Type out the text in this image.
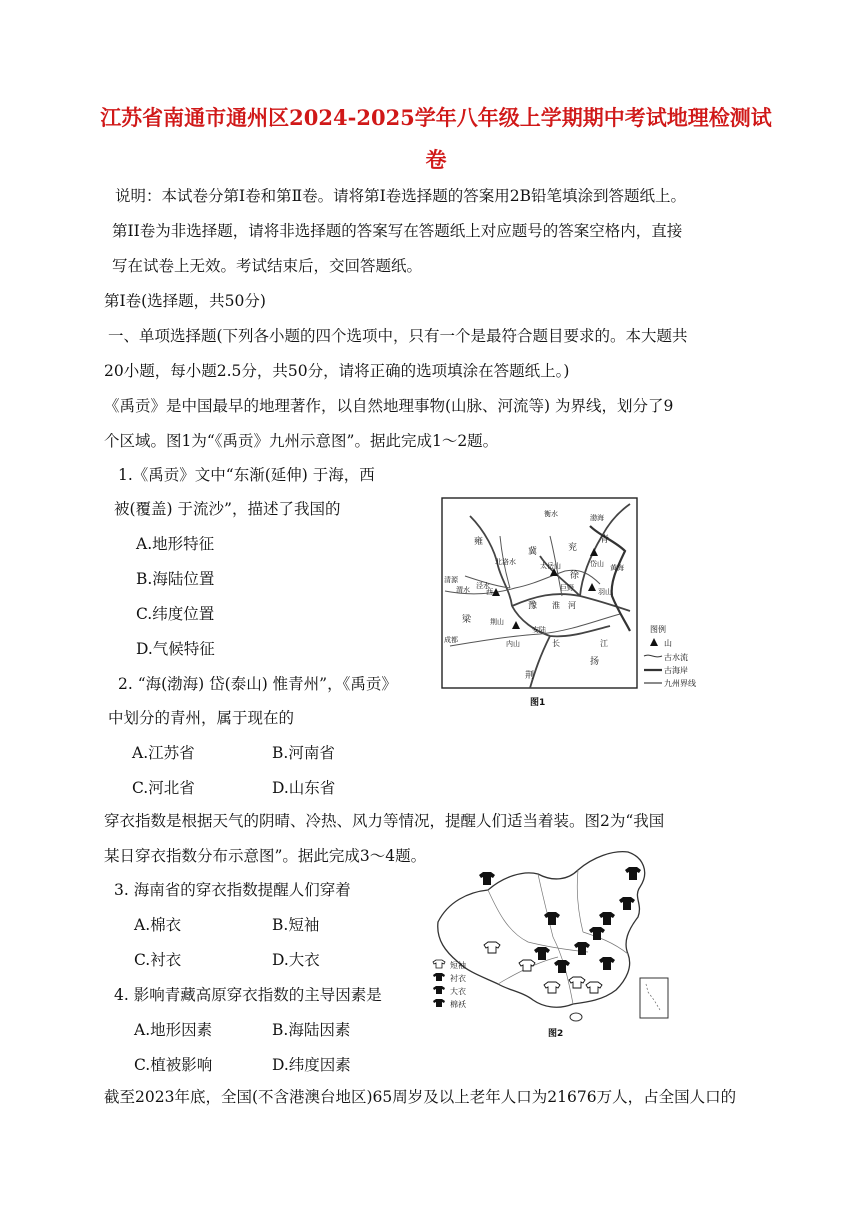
江苏省南通市通州区2024-2025学年八年级上学期期中考试地理检测试
卷
说明：本试卷分第Ⅰ卷和第Ⅱ卷。请将第Ⅰ卷选择题的答案用2B铅笔填涂到答题纸上。
第II卷为非选择题，请将非选择题的答案写在答题纸上对应题号的答案空格内，直接
写在试卷上无效。考试结束后，交回答题纸。
第Ⅰ卷(选择题，共50分)
一、单项选择题(下列各小题的四个选项中，只有一个是最符合题目要求的。本大题共
20小题，每小题2.5分，共50分，请将正确的选项填涂在答题纸上。)
《禹贡》是中国最早的地理著作，以自然地理事物(山脉、河流等) 为界线，划分了9
个区域。图1为“《禹贡》九州示意图”。据此完成1～2题。
1.《禹贡》文中“东渐(延伸) 于海，西
被(覆盖) 于流沙”，描述了我国的
A.地形特征
B.海陆位置
C.纬度位置
D.气候特征
2. “海(渤海) 岱(泰山) 惟青州”，《禹贡》
中划分的青州，属于现在的
A.江苏省	B.河南省
C.河北省	D.山东省
雍
冀	兖
青
徐
豫
梁
荆
扬
衡水	渤海
太岳山	岱山 黄海
北洛水
泾水
清源
渭水 西	巨野	羽山
淮 河
荆山
安陆
成都	内山	长	江
图例
山
古水流
古海岸
九州界线
图1
穿衣指数是根据天气的阴晴、冷热、风力等情况，提醒人们适当着装。图2为“我国
某日穿衣指数分布示意图”。据此完成3～4题。
3. 海南省的穿衣指数提醒人们穿着
A.棉衣	B.短袖
C.衬衣	D.大衣
4. 影响青藏高原穿衣指数的主导因素是
A.地形因素	B.海陆因素
C.植被影响	D.纬度因素
短袖
衬衣
大衣
棉袄
图2
截至2023年底，全国(不含港澳台地区)65周岁及以上老年人口为21676万人，占全国人口的
